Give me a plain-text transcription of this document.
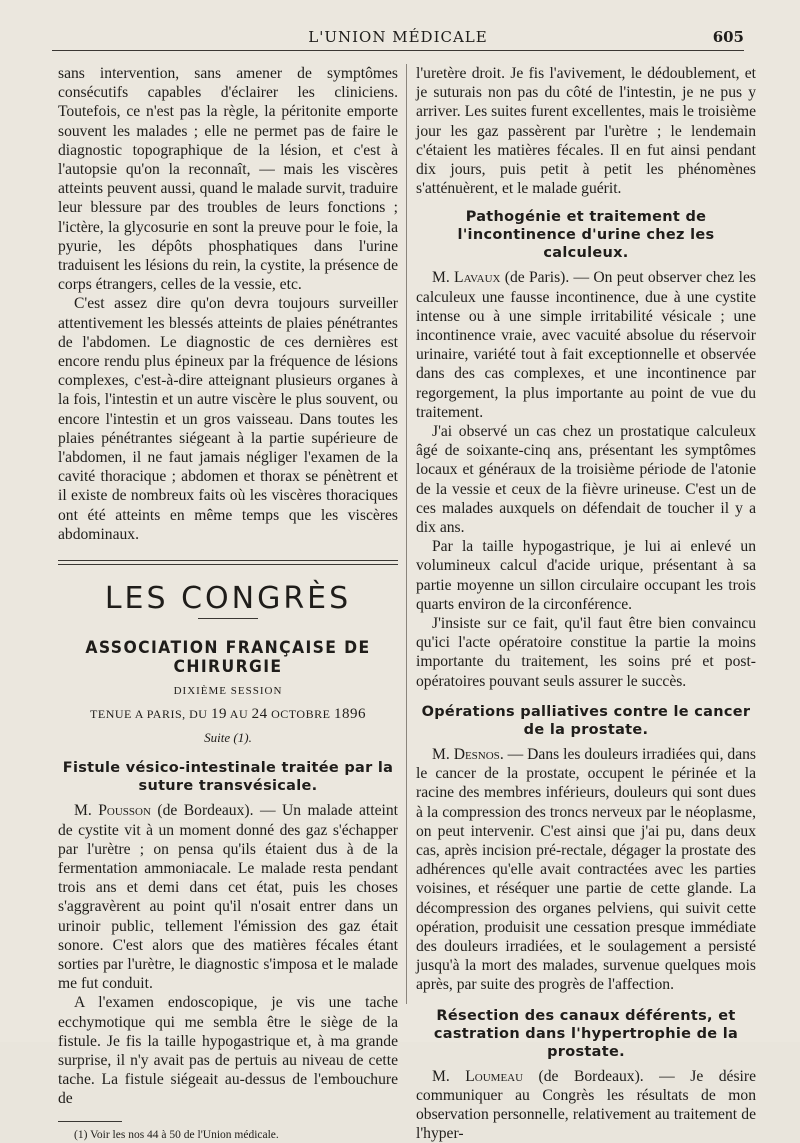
L'UNION MÉDICALE	605

sans intervention, sans amener de symptômes consécutifs capables d'éclairer les cliniciens. Toutefois, ce n'est pas la règle, la péritonite emporte souvent les malades ; elle ne permet pas de faire le diagnostic topographique de la lésion, et c'est à l'autopsie qu'on la reconnaît, — mais les viscères atteints peuvent aussi, quand le malade survit, traduire leur blessure par des troubles de leurs fonctions ; l'ictère, la glycosurie en sont la preuve pour le foie, la pyurie, les dépôts phosphatiques dans l'urine traduisent les lésions du rein, la cystite, la présence de corps étrangers, celles de la vessie, etc.

C'est assez dire qu'on devra toujours surveiller attentivement les blessés atteints de plaies pénétrantes de l'abdomen. Le diagnostic de ces dernières est encore rendu plus épineux par la fréquence de lésions complexes, c'est-à-dire atteignant plusieurs organes à la fois, l'intestin et un autre viscère le plus souvent, ou encore l'intestin et un gros vaisseau. Dans toutes les plaies pénétrantes siégeant à la partie supérieure de l'abdomen, il ne faut jamais négliger l'examen de la cavité thoracique ; abdomen et thorax se pénètrent et il existe de nombreux faits où les viscères thoraciques ont été atteints en même temps que les viscères abdominaux.

LES CONGRÈS
ASSOCIATION FRANÇAISE DE CHIRURGIE
DIXIÈME SESSION
TENUE A PARIS, DU 19 AU 24 OCTOBRE 1896
Suite (1).
Fistule vésico-intestinale traitée par la suture transvésicale.

M. Pousson (de Bordeaux). — Un malade atteint de cystite vit à un moment donné des gaz s'échapper par l'urètre ; on pensa qu'ils étaient dus à de la fermentation ammoniacale. Le malade resta pendant trois ans et demi dans cet état, puis les choses s'aggravèrent au point qu'il n'osait entrer dans un urinoir public, tellement l'émission des gaz était sonore. C'est alors que des matières fécales étant sorties par l'urètre, le diagnostic s'imposa et le malade me fut conduit.

A l'examen endoscopique, je vis une tache ecchymotique qui me sembla être le siège de la fistule. Je fis la taille hypogastrique et, à ma grande surprise, il n'y avait pas de pertuis au niveau de cette tache. La fistule siégeait au-dessus de l'embouchure de

(1) Voir les nos 44 à 50 de l'Union médicale.

l'uretère droit. Je fis l'avivement, le dédoublement, et je suturais non pas du côté de l'intestin, je ne pus y arriver. Les suites furent excellentes, mais le troisième jour les gaz passèrent par l'urètre ; le lendemain c'étaient les matières fécales. Il en fut ainsi pendant dix jours, puis petit à petit les phénomènes s'atténuèrent, et le malade guérit.

Pathogénie et traitement de l'incontinence d'urine chez les calculeux.

M. Lavaux (de Paris). — On peut observer chez les calculeux une fausse incontinence, due à une cystite intense ou à une simple irritabilité vésicale ; une incontinence vraie, avec vacuité absolue du réservoir urinaire, variété tout à fait exceptionnelle et observée dans des cas complexes, et une incontinence par regorgement, la plus importante au point de vue du traitement.

J'ai observé un cas chez un prostatique calculeux âgé de soixante-cinq ans, présentant les symptômes locaux et généraux de la troisième période de l'atonie de la vessie et ceux de la fièvre urineuse. C'est un de ces malades auxquels on défendait de toucher il y a dix ans.

Par la taille hypogastrique, je lui ai enlevé un volumineux calcul d'acide urique, présentant à sa partie moyenne un sillon circulaire occupant les trois quarts environ de la circonférence.

J'insiste sur ce fait, qu'il faut être bien convaincu qu'ici l'acte opératoire constitue la partie la moins importante du traitement, les soins pré et post-opératoires pouvant seuls assurer le succès.

Opérations palliatives contre le cancer de la prostate.

M. Desnos. — Dans les douleurs irradiées qui, dans le cancer de la prostate, occupent le périnée et la racine des membres inférieurs, douleurs qui sont dues à la compression des troncs nerveux par le néoplasme, on peut intervenir. C'est ainsi que j'ai pu, dans deux cas, après incision pré-rectale, dégager la prostate des adhérences qu'elle avait contractées avec les parties voisines, et réséquer une partie de cette glande. La décompression des organes pelviens, qui suivit cette opération, produisit une cessation presque immédiate des douleurs irradiées, et le soulagement a persisté jusqu'à la mort des malades, survenue quelques mois après, par suite des progrès de l'affection.

Résection des canaux déférents, et castration dans l'hypertrophie de la prostate.

M. Loumeau (de Bordeaux). — Je désire communiquer au Congrès les résultats de mon observation personnelle, relativement au traitement de l'hyper-
